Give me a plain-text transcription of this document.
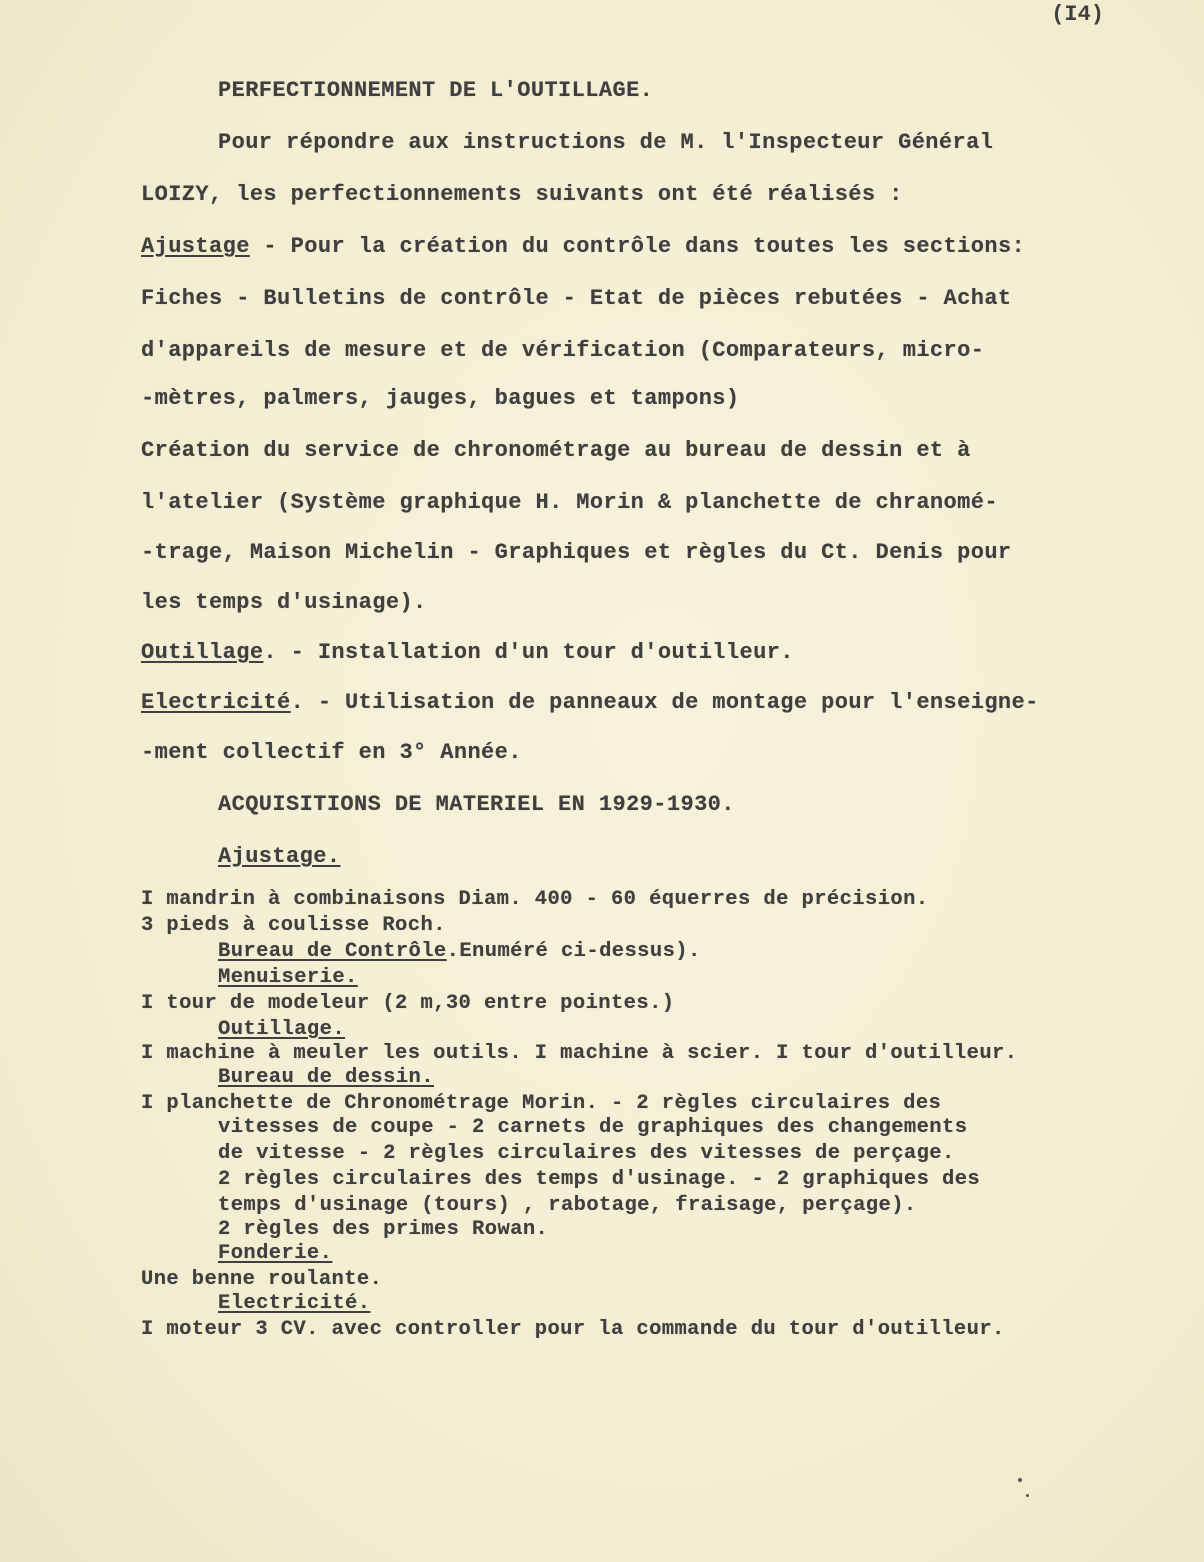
(I4)
PERFECTIONNEMENT DE L'OUTILLAGE.
Pour répondre aux instructions de M. l'Inspecteur Général
LOIZY, les perfectionnements suivants ont été réalisés :
Ajustage - Pour la création du contrôle dans toutes les sections:
Fiches - Bulletins de contrôle - Etat de pièces rebutées - Achat
d'appareils de mesure et de vérification (Comparateurs, micro-
-mètres, palmers, jauges, bagues et tampons)
Création du service de chronométrage au bureau de dessin et à
l'atelier (Système graphique H. Morin & planchette de chranomé-
-trage, Maison Michelin - Graphiques et règles du Ct. Denis pour
les temps d'usinage).
Outillage. - Installation d'un tour d'outilleur.
Electricité. - Utilisation de panneaux de montage pour l'enseigne-
-ment collectif en 3° Année.
ACQUISITIONS DE MATERIEL EN 1929-1930.
Ajustage.
I mandrin à combinaisons Diam. 400 - 60 équerres de précision.
3 pieds à coulisse Roch.
Bureau de Contrôle.Enuméré ci-dessus).
Menuiserie.
I tour de modeleur (2 m,30 entre pointes.)
Outillage.
I machine à meuler les outils. I machine à scier. I tour d'outilleur.
Bureau de dessin.
I planchette de Chronométrage Morin. - 2 règles circulaires des
vitesses de coupe - 2 carnets de graphiques des changements
de vitesse - 2 règles circulaires des vitesses de perçage.
2 règles circulaires des temps d'usinage. - 2 graphiques des
temps d'usinage (tours) , rabotage, fraisage, perçage).
2 règles des primes Rowan.
Fonderie.
Une benne roulante.
Electricité.
I moteur 3 CV. avec controller pour la commande du tour d'outilleur.
